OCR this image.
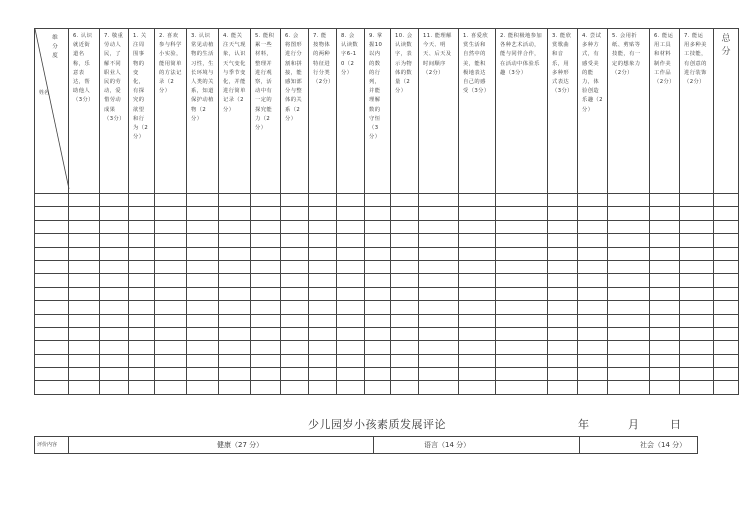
维 分 度
姓名	6. 认识就近街道名称，乐意表达，帮助他人（3分）	7. 敬重劳动人民，了解不同职业人民的劳动，爱惜劳动成果（3分）	1. 关注周围事物的变化，有探究的欲望和行为（2分）	2. 喜欢参与科学小实验，能用简单的方法记录（2分）	3. 认识常见动植物的生活习性，生长环境与人类的关系，知道保护动植物（2分）	4. 能关注天气现象，认识天气变化与季节变化，并能进行简单记录（2分）	5. 能积累一些材料，整理并进行观察，活动中有一定的探究能力（2分）	6. 会将图形进行分割和拼接，能感知部分与整体的关系（2分）	7. 能按物体的两种特征进行分类（2分）	8. 会认读数字6-10（2分）	9. 掌握10以内的数的行列，并能理解数的守恒（3分）	10. 会认读数字，表示为物体的数量（2分）	11. 能理解今天、明天、后天及时间顺序（2分）	1. 喜爱欣赏生活和自然中的美，能积极地表达自己的感受（3分）	2. 能积极地参加各种艺术活动，能与同伴合作，在活动中体验乐趣（3分）	3. 能欣赏歌曲和音乐，用多种形式表达（3分）	4. 尝试多种方式，有感受美的能力，体验创造乐趣（2分）	5. 会用折纸、剪贴等技能，有一定的想象力（2分）	6. 能运用工具和材料制作美工作品（2分）	7. 能运用多种美工技能，有创意的进行装饰（2分）	总分

少儿园岁小孩素质发展评论	年	月	日
评价内容	健康（27 分）	语言（14 分）	社会（14 分）
